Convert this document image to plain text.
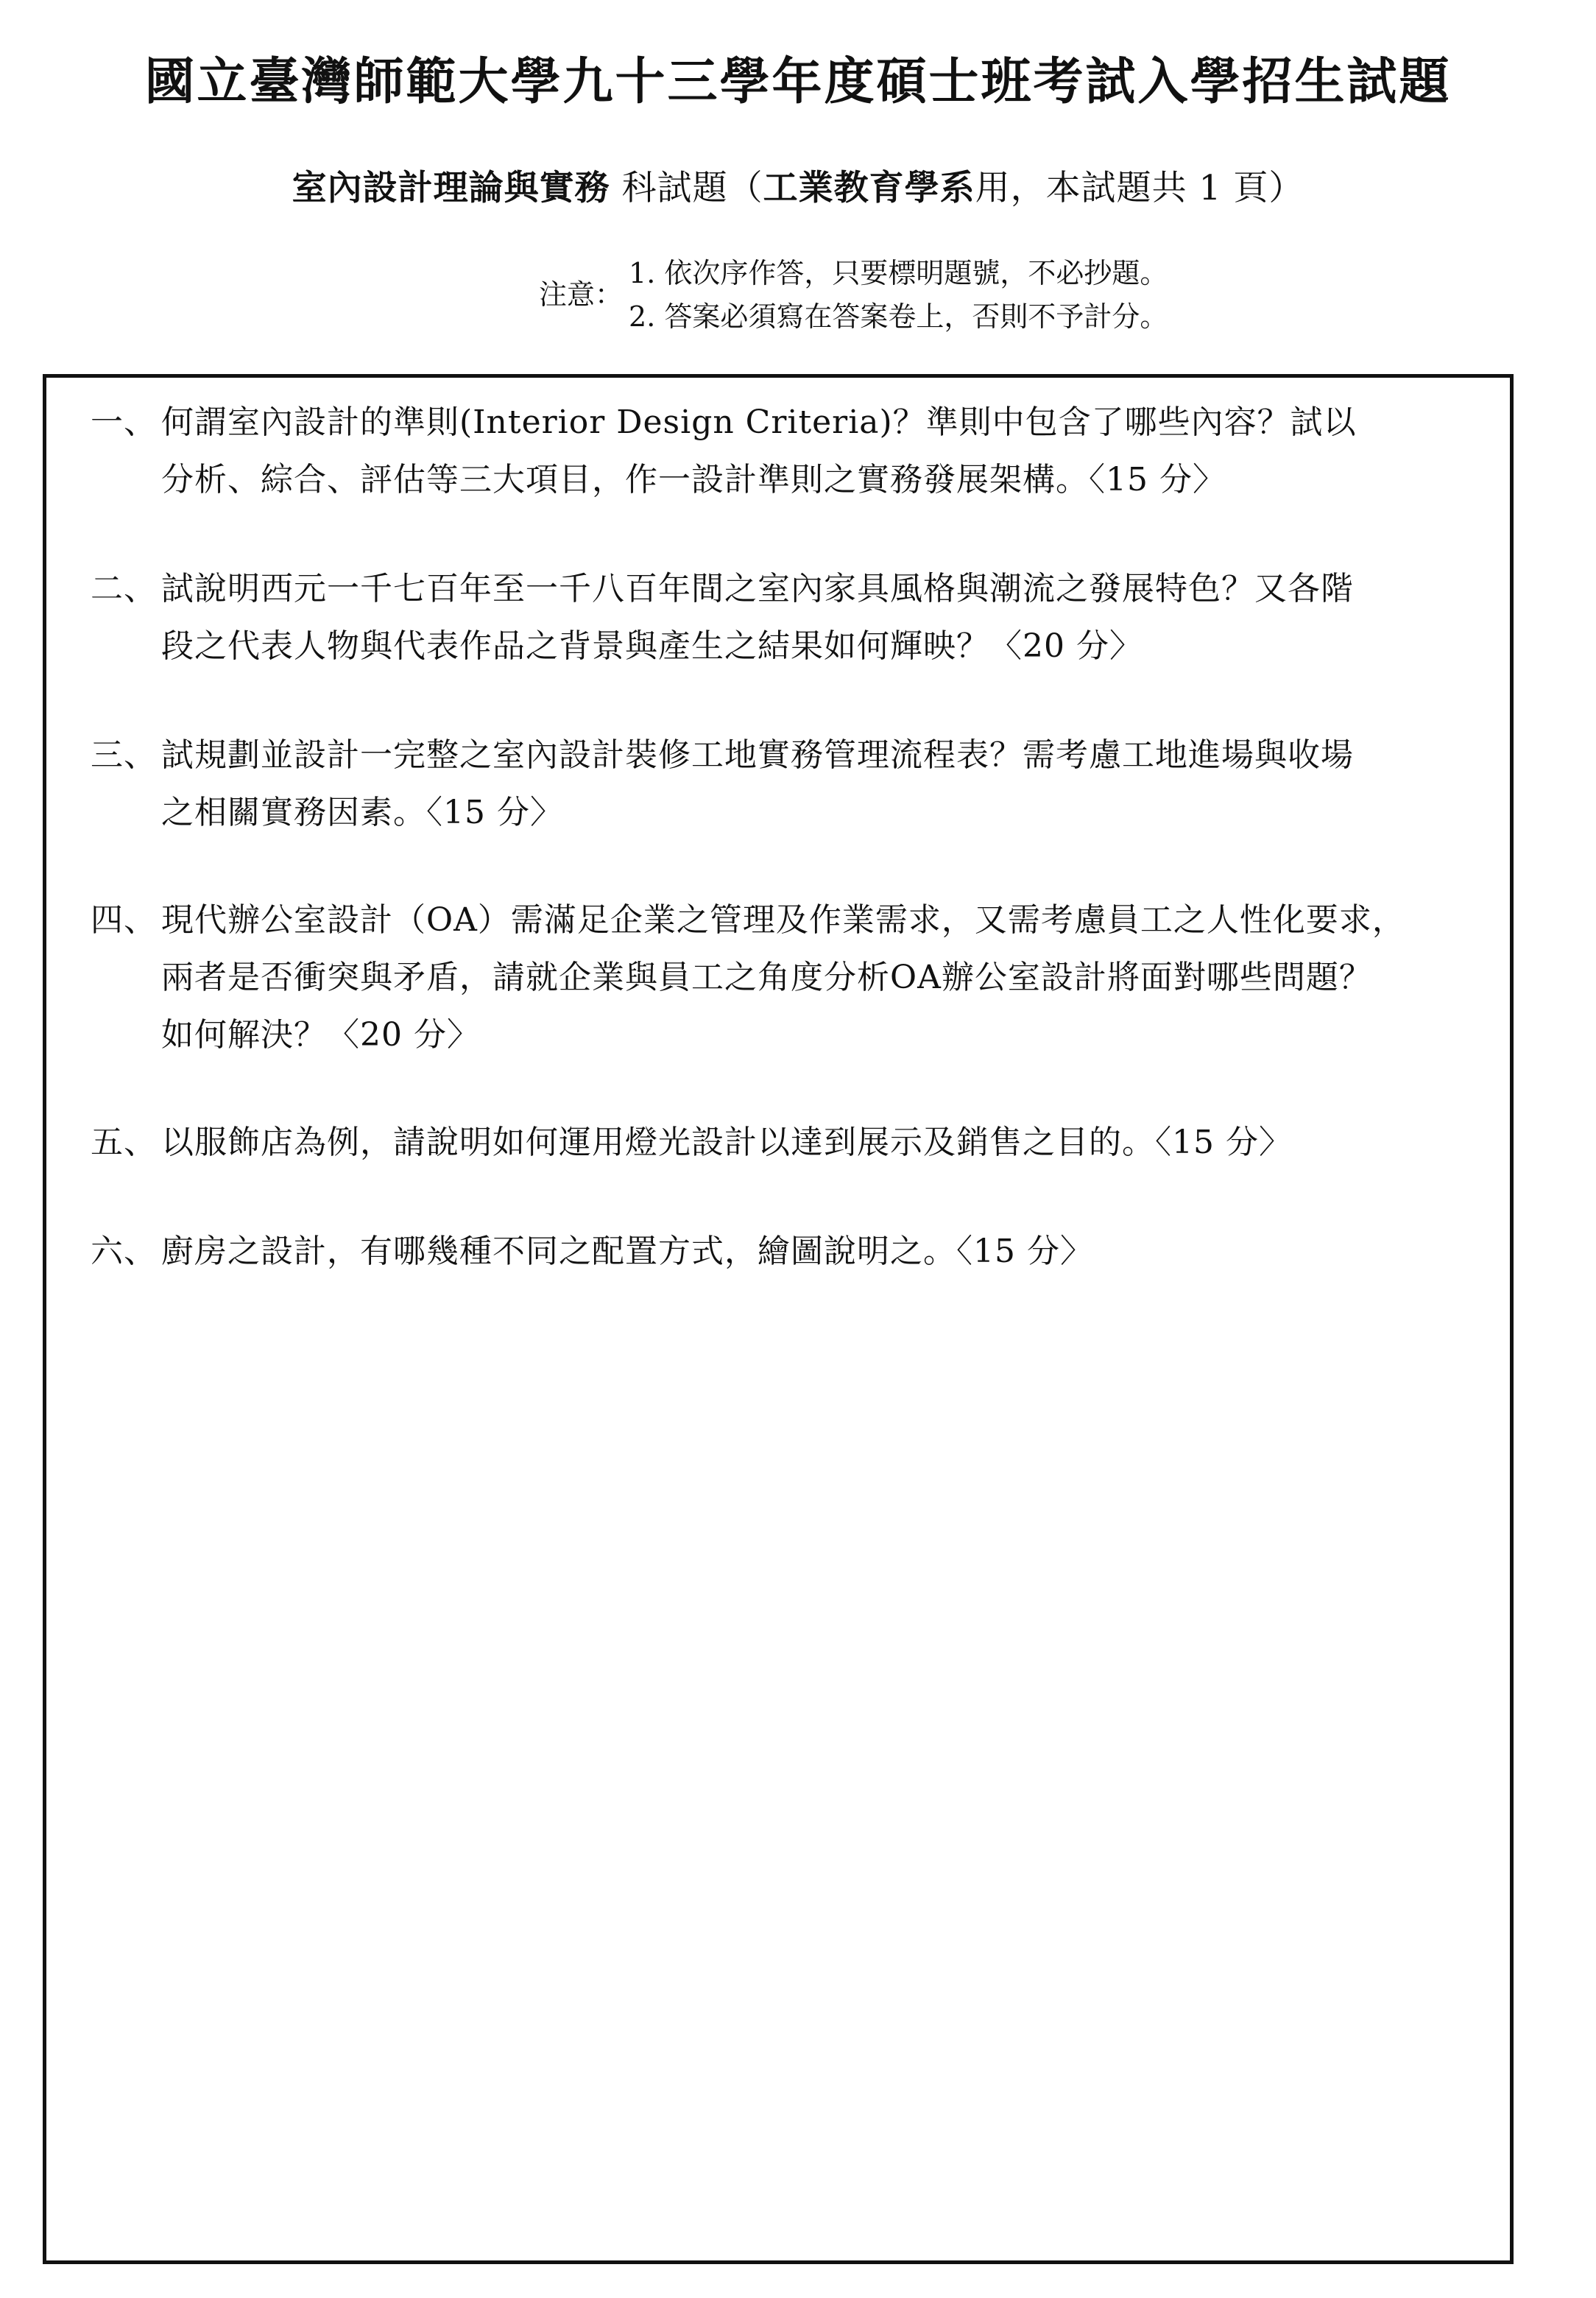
國立臺灣師範大學九十三學年度碩士班考試入學招生試題
室內設計理論與實務 科試題（工業教育學系用，本試題共 1 頁）
注意：
1. 依次序作答，只要標明題號，不必抄題。
2. 答案必須寫在答案卷上，否則不予計分。
一、 何謂室內設計的準則(Interior Design Criteria)？準則中包含了哪些內容？試以
分析、綜合、評估等三大項目，作一設計準則之實務發展架構。〈15 分〉
二、 試說明西元一千七百年至一千八百年間之室內家具風格與潮流之發展特色？又各階
段之代表人物與代表作品之背景與產生之結果如何輝映？〈20 分〉
三、 試規劃並設計一完整之室內設計裝修工地實務管理流程表？需考慮工地進場與收場
之相關實務因素。〈15 分〉
四、 現代辦公室設計（OA）需滿足企業之管理及作業需求，又需考慮員工之人性化要求，
兩者是否衝突與矛盾，請就企業與員工之角度分析OA辦公室設計將面對哪些問題？
如何解決？〈20 分〉
五、 以服飾店為例，請說明如何運用燈光設計以達到展示及銷售之目的。〈15 分〉
六、 廚房之設計，有哪幾種不同之配置方式，繪圖說明之。〈15 分〉
